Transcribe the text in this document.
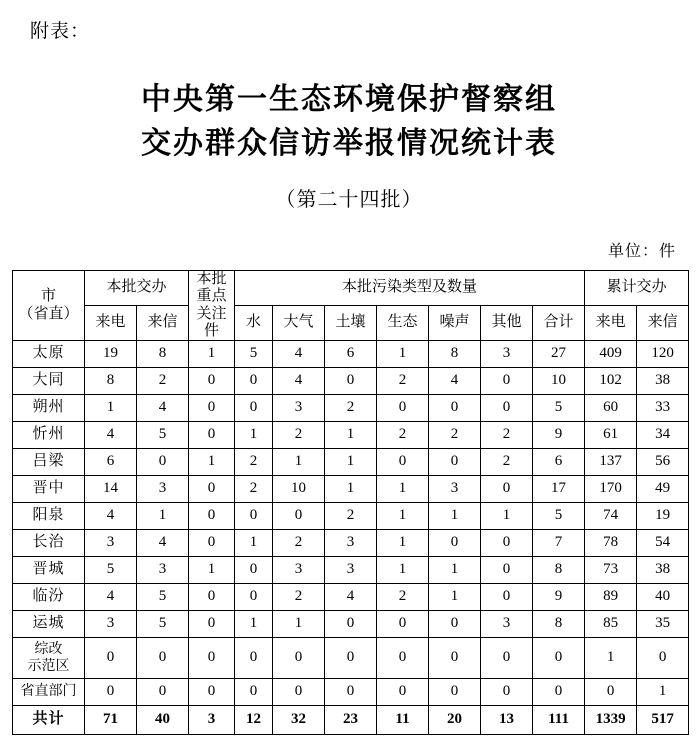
附表：
中央第一生态环境保护督察组
交办群众信访举报情况统计表
（第二十四批）
单位：件
市
（省直）
	本批交办	
本批
重点
关注
件
	本批污染类型及数量	累计交办
	来电	来信		水	大气	土壤	生态	噪声	其他	合计	来电	来信
太原	19	8	1	5	4	6	1	8	3	27	409	120
大同	8	2	0	0	4	0	2	4	0	10	102	38
朔州	1	4	0	0	3	2	0	0	0	5	60	33
忻州	4	5	0	1	2	1	2	2	2	9	61	34
吕梁	6	0	1	2	1	1	0	0	2	6	137	56
晋中	14	3	0	2	10	1	1	3	0	17	170	49
阳泉	4	1	0	0	0	2	1	1	1	5	74	19
长治	3	4	0	1	2	3	1	0	0	7	78	54
晋城	5	3	1	0	3	3	1	1	0	8	73	38
临汾	4	5	0	0	2	4	2	1	0	9	89	40
运城	3	5	0	1	1	0	0	0	3	8	85	35

综改
示范区	0	0	0	0	0	0	0	0	0	0	1	0
省直部门	0	0	0	0	0	0	0	0	0	0	0	1
共计	71	40	3	12	32	23	11	20	13	111	1339	517
